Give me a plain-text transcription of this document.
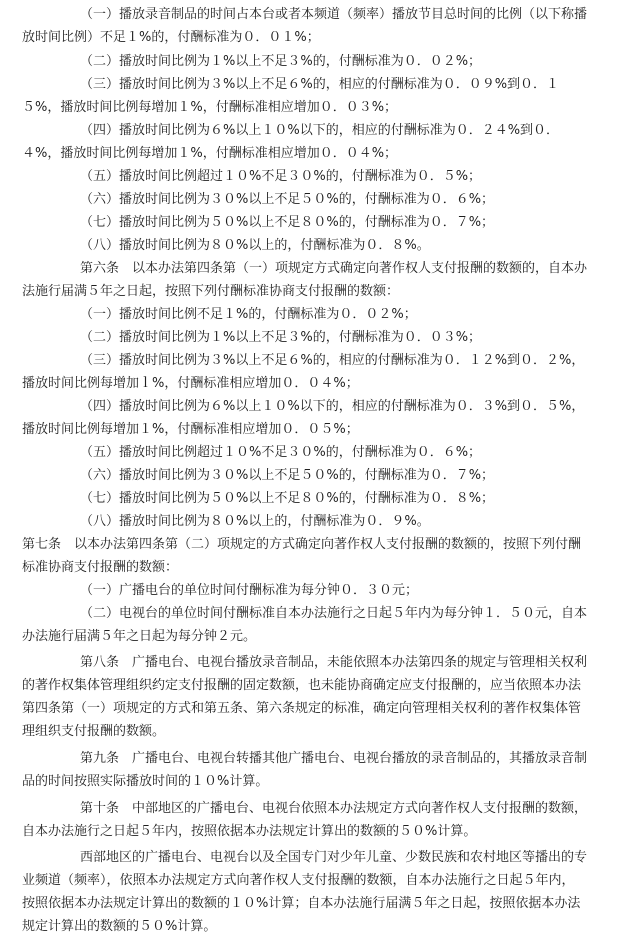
（一）播放录音制品的时间占本台或者本频道（频率）播放节目总时间的比例（以下称播
放时间比例）不足１%的，付酬标准为０．０１%；
（二）播放时间比例为１%以上不足３%的，付酬标准为０．０２%；
（三）播放时间比例为３%以上不足６%的，相应的付酬标准为０．０９%到０．１
５%，播放时间比例每增加１%，付酬标准相应增加０．０３%；
（四）播放时间比例为６%以上１０%以下的，相应的付酬标准为０．２４%到０．
４%，播放时间比例每增加１%，付酬标准相应增加０．０４%；
（五）播放时间比例超过１０%不足３０%的，付酬标准为０．５%；
（六）播放时间比例为３０%以上不足５０%的，付酬标准为０．６%；
（七）播放时间比例为５０%以上不足８０%的，付酬标准为０．７%；
（八）播放时间比例为８０%以上的，付酬标准为０．８%。
第六条　以本办法第四条第（一）项规定方式确定向著作权人支付报酬的数额的，自本办
法施行届满５年之日起，按照下列付酬标准协商支付报酬的数额：
（一）播放时间比例不足１%的，付酬标准为０．０２%；
（二）播放时间比例为１%以上不足３%的，付酬标准为０．０３%；
（三）播放时间比例为３%以上不足６%的，相应的付酬标准为０．１２%到０．２%，
播放时间比例每增加ｌ%，付酬标准相应增加０．０４%；
（四）播放时间比例为６%以上１０%以下的，相应的付酬标准为０．３%到０．５%，
播放时间比例每增加１%，付酬标准相应增加０．０５%；
（五）播放时间比例超过１０%不足３０%的，付酬标准为０．６%；
（六）播放时间比例为３０%以上不足５０%的，付酬标准为０．７%；
（七）播放时间比例为５０%以上不足８０%的，付酬标准为０．８%；
（八）播放时间比例为８０%以上的，付酬标准为０．９%。
第七条　以本办法第四条第（二）项规定的方式确定向著作权人支付报酬的数额的，按照下列付酬
标准协商支付报酬的数额：
（一）广播电台的单位时间付酬标准为每分钟０．３０元；
（二）电视台的单位时间付酬标准自本办法施行之日起５年内为每分钟１．５０元，自本
办法施行届满５年之日起为每分钟２元。
第八条　广播电台、电视台播放录音制品，未能依照本办法第四条的规定与管理相关权利
的著作权集体管理组织约定支付报酬的固定数额，也未能协商确定应支付报酬的，应当依照本办法
第四条第（一）项规定的方式和第五条、第六条规定的标准，确定向管理相关权利的著作权集体管
理组织支付报酬的数额。
第九条　广播电台、电视台转播其他广播电台、电视台播放的录音制品的，其播放录音制
品的时间按照实际播放时间的１０%计算。
第十条　中部地区的广播电台、电视台依照本办法规定方式向著作权人支付报酬的数额，
自本办法施行之日起５年内，按照依据本办法规定计算出的数额的５０%计算。
西部地区的广播电台、电视台以及全国专门对少年儿童、少数民族和农村地区等播出的专
业频道（频率），依照本办法规定方式向著作权人支付报酬的数额，自本办法施行之日起５年内，
按照依据本办法规定计算出的数额的１０%计算；自本办法施行届满５年之日起，按照依据本办法
规定计算出的数额的５０%计算。
